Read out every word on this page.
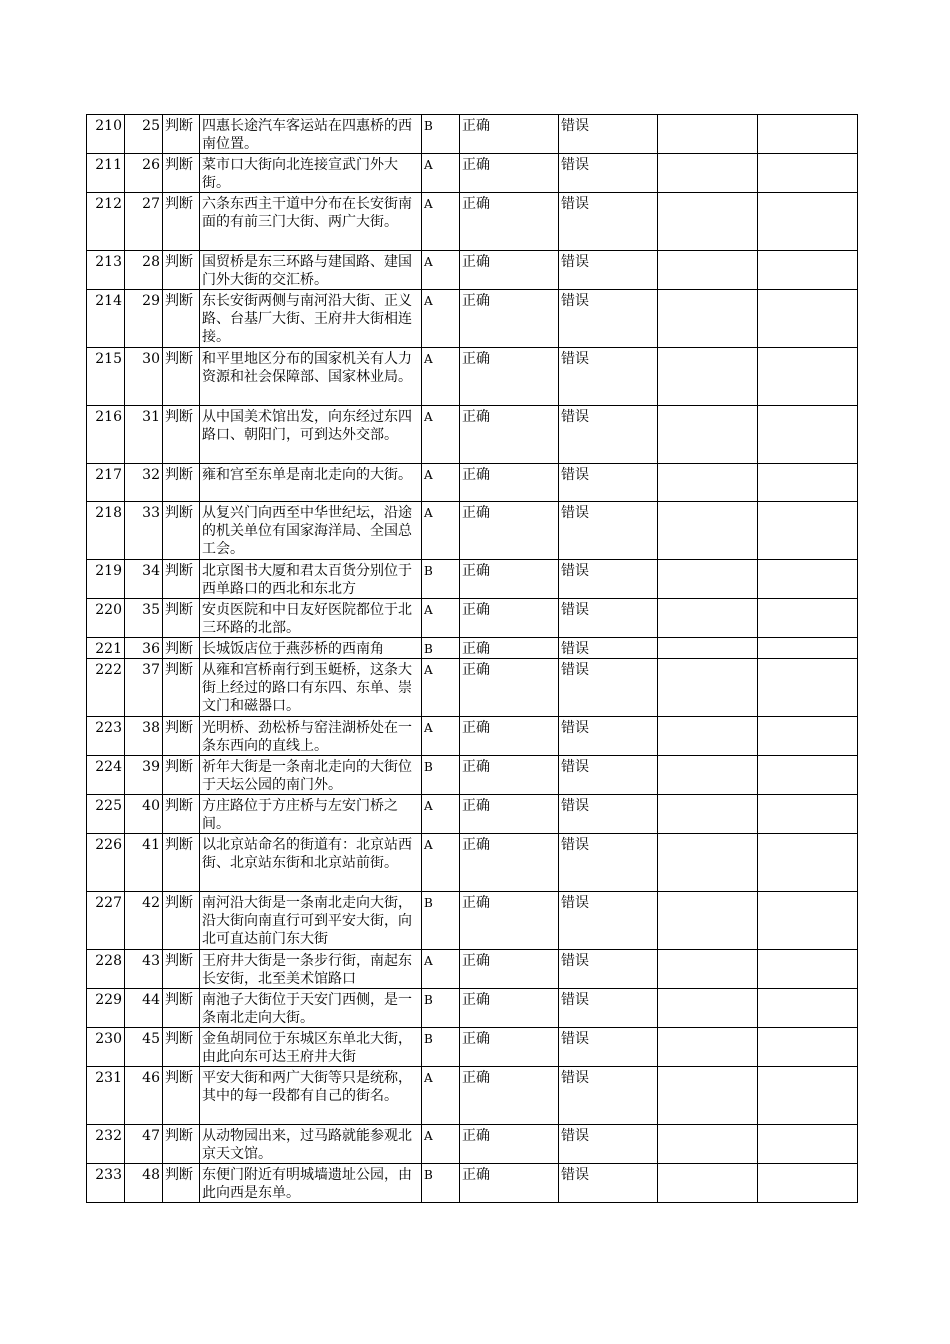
210	25	判断	四惠长途汽车客运站在四惠桥的西南位置。	B	正确	错误		
211	26	判断	菜市口大街向北连接宣武门外大街。	A	正确	错误		
212	27	判断	六条东西主干道中分布在长安街南面的有前三门大街、两广大街。	A	正确	错误		
213	28	判断	国贸桥是东三环路与建国路、建国门外大街的交汇桥。	A	正确	错误		
214	29	判断	东长安街两侧与南河沿大街、正义路、台基厂大街、王府井大街相连接。	A	正确	错误		
215	30	判断	和平里地区分布的国家机关有人力资源和社会保障部、国家林业局。	A	正确	错误		
216	31	判断	从中国美术馆出发，向东经过东四路口、朝阳门，可到达外交部。	A	正确	错误		
217	32	判断	雍和宫至东单是南北走向的大街。	A	正确	错误		
218	33	判断	从复兴门向西至中华世纪坛，沿途的机关单位有国家海洋局、全国总工会。	A	正确	错误		
219	34	判断	北京图书大厦和君太百货分别位于西单路口的西北和东北方	B	正确	错误		
220	35	判断	安贞医院和中日友好医院都位于北三环路的北部。	A	正确	错误		
221	36	判断	长城饭店位于燕莎桥的西南角	B	正确	错误		
222	37	判断	从雍和宫桥南行到玉蜓桥，这条大街上经过的路口有东四、东单、崇文门和磁器口。	A	正确	错误		
223	38	判断	光明桥、劲松桥与窑洼湖桥处在一条东西向的直线上。	A	正确	错误		
224	39	判断	祈年大街是一条南北走向的大街位于天坛公园的南门外。	B	正确	错误		
225	40	判断	方庄路位于方庄桥与左安门桥之间。	A	正确	错误		
226	41	判断	以北京站命名的街道有：北京站西街、北京站东街和北京站前街。	A	正确	错误		
227	42	判断	南河沿大街是一条南北走向大街，沿大街向南直行可到平安大街，向北可直达前门东大街	B	正确	错误		
228	43	判断	王府井大街是一条步行街，南起东长安街，北至美术馆路口	A	正确	错误		
229	44	判断	南池子大街位于天安门西侧，是一条南北走向大街。	B	正确	错误		
230	45	判断	金鱼胡同位于东城区东单北大街，由此向东可达王府井大街	B	正确	错误		
231	46	判断	平安大街和两广大街等只是统称，其中的每一段都有自己的街名。	A	正确	错误		
232	47	判断	从动物园出来，过马路就能参观北京天文馆。	A	正确	错误		
233	48	判断	东便门附近有明城墙遗址公园，由此向西是东单。	B	正确	错误		
